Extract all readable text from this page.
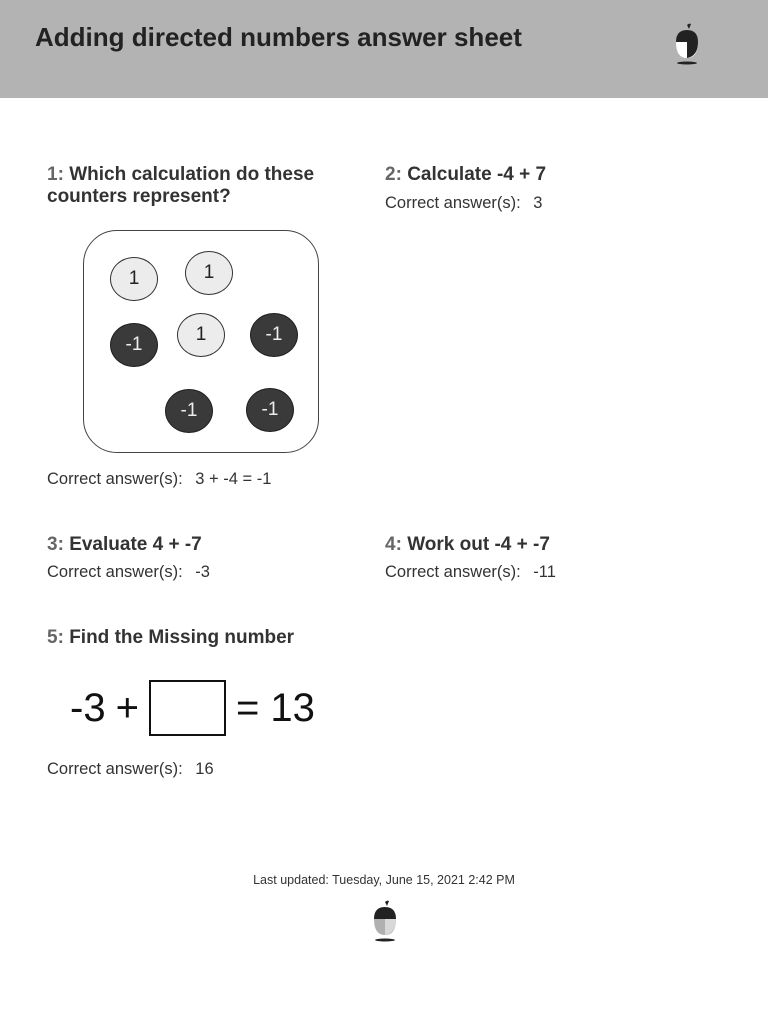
Adding directed numbers answer sheet
1: Which calculation do these counters represent?
1	1
-1	1	-1
-1	-1
Correct answer(s): 3 + -4 = -1
2: Calculate -4 + 7
Correct answer(s): 3
3: Evaluate 4 + -7
Correct answer(s): -3
4: Work out -4 + -7
Correct answer(s): -11
5: Find the Missing number
-3 + = 13
Correct answer(s): 16
Last updated: Tuesday, June 15, 2021 2:42 PM
